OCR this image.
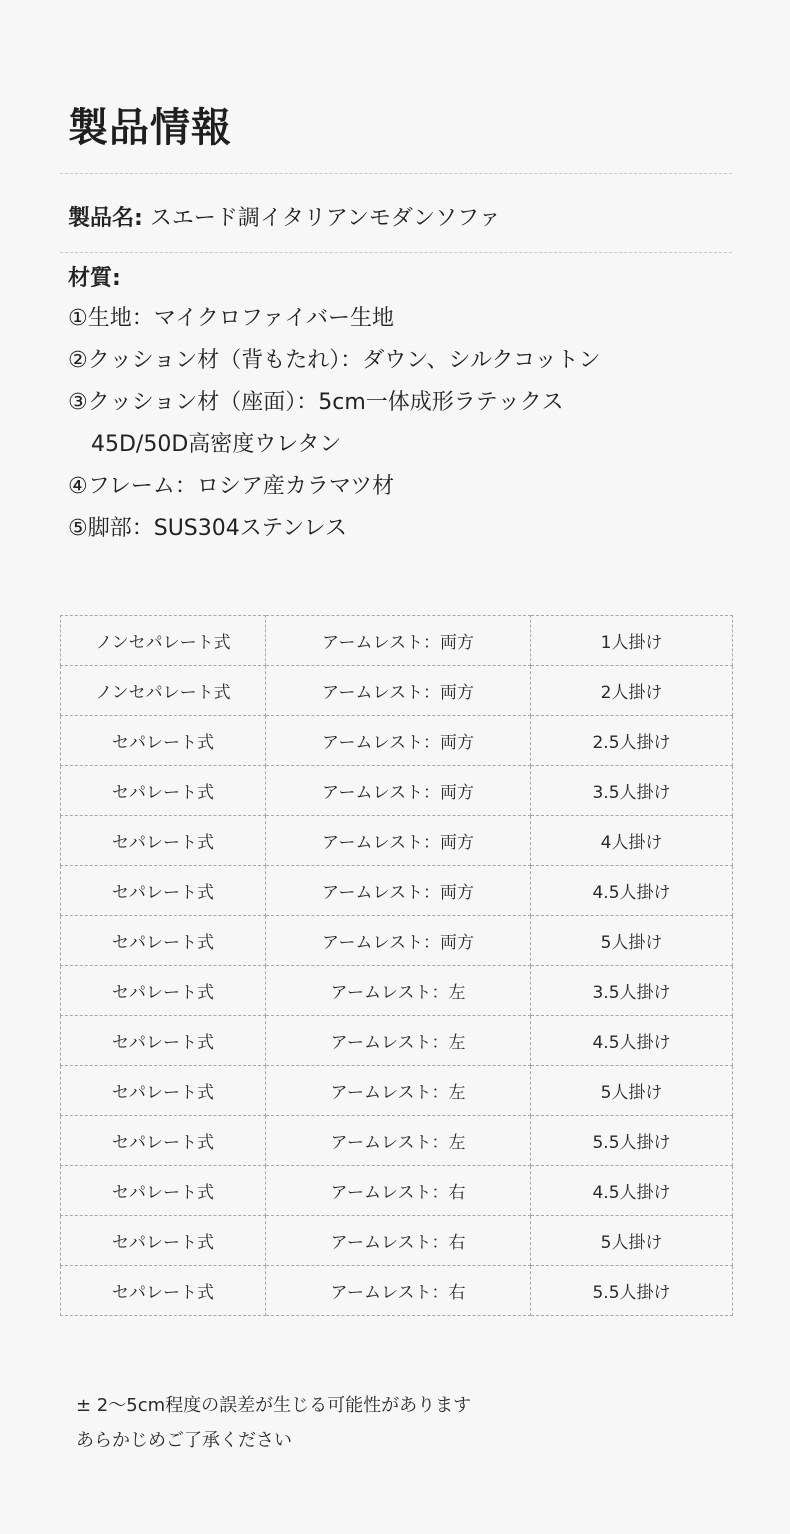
製品情報
製品名: スエード調イタリアンモダンソファ
材質:
①生地：マイクロファイバー生地
②クッション材（背もたれ）：ダウン、シルクコットン
③クッション材（座面）：5cm一体成形ラテックス
45D/50D高密度ウレタン
④フレーム：ロシア産カラマツ材
⑤脚部：SUS304ステンレス
ノンセパレート式	アームレスト：両方	1人掛け
ノンセパレート式	アームレスト：両方	2人掛け
セパレート式	アームレスト：両方	2.5人掛け
セパレート式	アームレスト：両方	3.5人掛け
セパレート式	アームレスト：両方	4人掛け
セパレート式	アームレスト：両方	4.5人掛け
セパレート式	アームレスト：両方	5人掛け
セパレート式	アームレスト：左	3.5人掛け
セパレート式	アームレスト：左	4.5人掛け
セパレート式	アームレスト：左	5人掛け
セパレート式	アームレスト：左	5.5人掛け
セパレート式	アームレスト：右	4.5人掛け
セパレート式	アームレスト：右	5人掛け
セパレート式	アームレスト：右	5.5人掛け
± 2〜5cm程度の誤差が生じる可能性があります
あらかじめご了承ください
